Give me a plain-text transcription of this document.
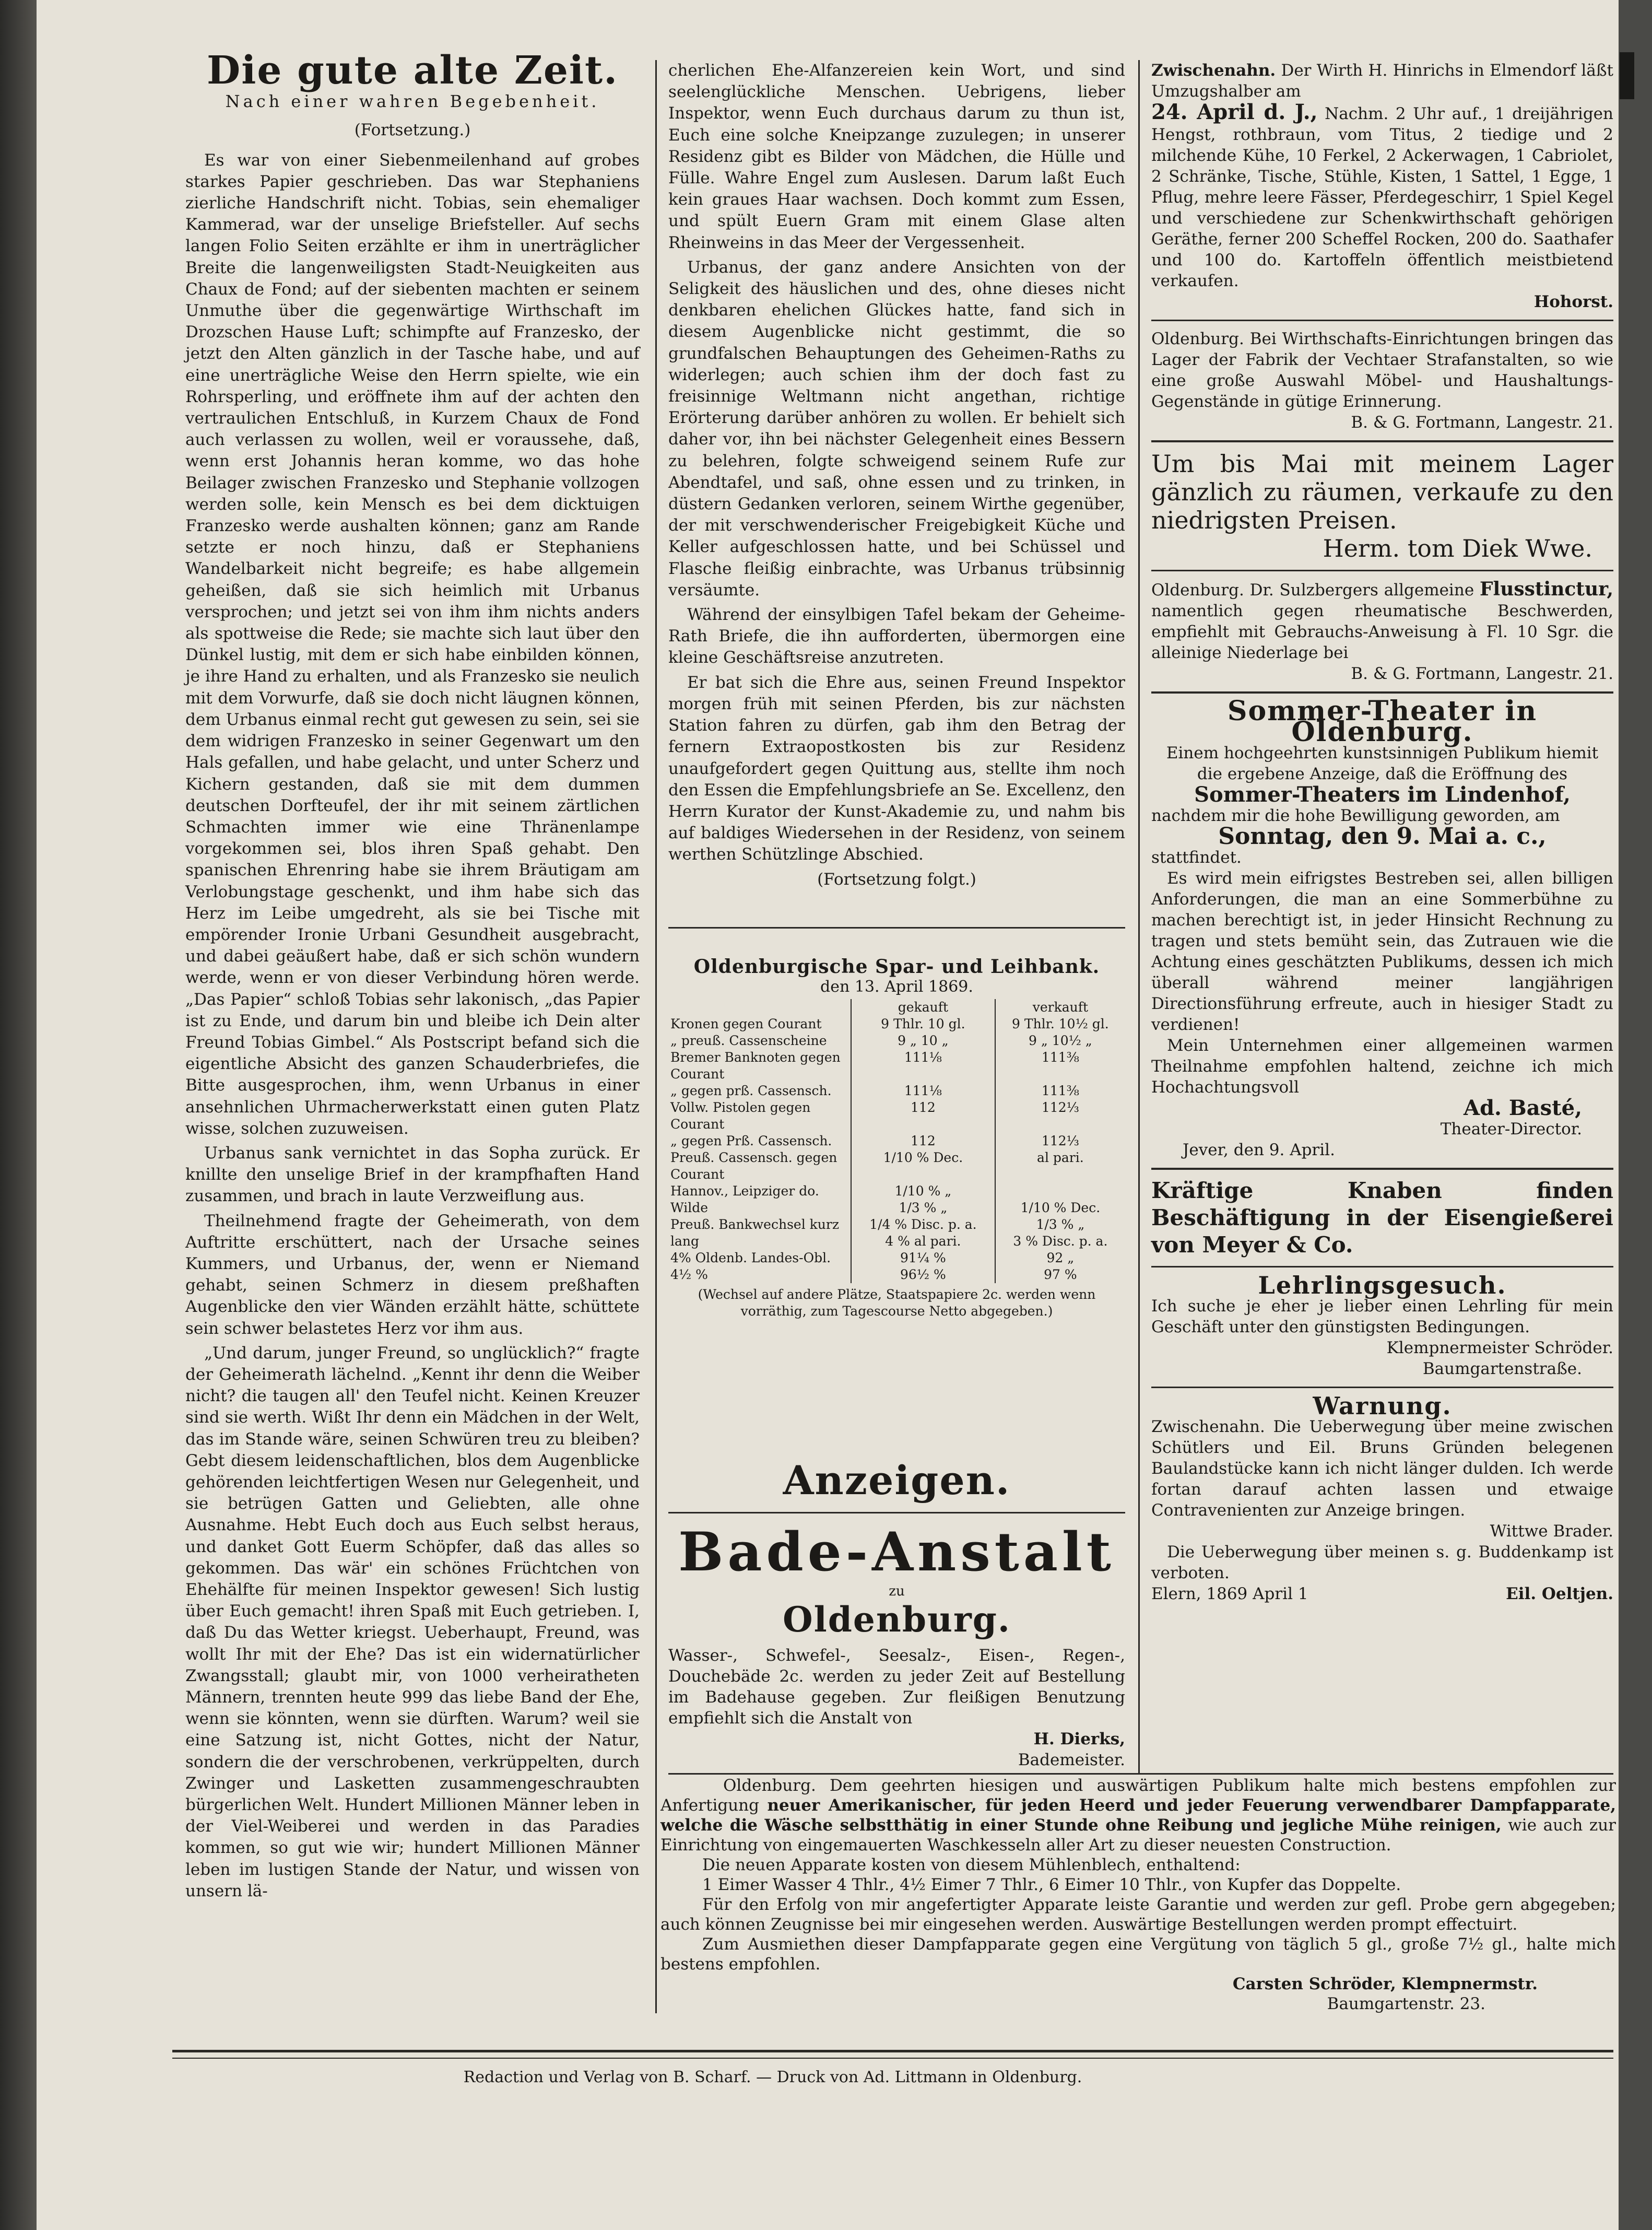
Die gute alte Zeit.
Nach einer wahren Begebenheit.
(Fortsetzung.)

Es war von einer Siebenmeilenhand auf grobes starkes Papier geschrieben. Das war Stephaniens zierliche Handschrift nicht. Tobias, sein ehemaliger Kammerad, war der unselige Briefsteller. Auf sechs langen Folio Seiten erzählte er ihm in unerträglicher Breite die langenweiligsten Stadt-Neuigkeiten aus Chaux de Fond; auf der siebenten machten er seinem Unmuthe über die gegenwärtige Wirthschaft im Drozschen Hause Luft; schimpfte auf Franzesko, der jetzt den Alten gänzlich in der Tasche habe, und auf eine unerträgliche Weise den Herrn spielte, wie ein Rohrsperling, und eröffnete ihm auf der achten den vertraulichen Entschluß, in Kurzem Chaux de Fond auch verlassen zu wollen, weil er voraussehe, daß, wenn erst Johannis heran komme, wo das hohe Beilager zwischen Franzesko und Stephanie vollzogen werden solle, kein Mensch es bei dem dicktuigen Franzesko werde aushalten können; ganz am Rande setzte er noch hinzu, daß er Stephaniens Wandelbarkeit nicht begreife; es habe allgemein geheißen, daß sie sich heimlich mit Urbanus versprochen; und jetzt sei von ihm ihm nichts anders als spottweise die Rede; sie machte sich laut über den Dünkel lustig, mit dem er sich habe einbilden können, je ihre Hand zu erhalten, und als Franzesko sie neulich mit dem Vorwurfe, daß sie doch nicht läugnen können, dem Urbanus einmal recht gut gewesen zu sein, sei sie dem widrigen Franzesko in seiner Gegenwart um den Hals gefallen, und habe gelacht, und unter Scherz und Kichern gestanden, daß sie mit dem dummen deutschen Dorfteufel, der ihr mit seinem zärtlichen Schmachten immer wie eine Thränenlampe vorgekommen sei, blos ihren Spaß gehabt. Den spanischen Ehrenring habe sie ihrem Bräutigam am Verlobungstage geschenkt, und ihm habe sich das Herz im Leibe umgedreht, als sie bei Tische mit empörender Ironie Urbani Gesundheit ausgebracht, und dabei geäußert habe, daß er sich schön wundern werde, wenn er von dieser Verbindung hören werde. „Das Papier“ schloß Tobias sehr lakonisch, „das Papier ist zu Ende, und darum bin und bleibe ich Dein alter Freund Tobias Gimbel.“ Als Postscript befand sich die eigentliche Absicht des ganzen Schauderbriefes, die Bitte ausgesprochen, ihm, wenn Urbanus in einer ansehnlichen Uhrmacherwerkstatt einen guten Platz wisse, solchen zuzuweisen.

Urbanus sank vernichtet in das Sopha zurück. Er knillte den unselige Brief in der krampfhaften Hand zusammen, und brach in laute Verzweiflung aus.

Theilnehmend fragte der Geheimerath, von dem Auftritte erschüttert, nach der Ursache seines Kummers, und Urbanus, der, wenn er Niemand gehabt, seinen Schmerz in diesem preßhaften Augenblicke den vier Wänden erzählt hätte, schüttete sein schwer belastetes Herz vor ihm aus.

„Und darum, junger Freund, so unglücklich?“ fragte der Geheimerath lächelnd. „Kennt ihr denn die Weiber nicht? die taugen all' den Teufel nicht. Keinen Kreuzer sind sie werth. Wißt Ihr denn ein Mädchen in der Welt, das im Stande wäre, seinen Schwüren treu zu bleiben? Gebt diesem leidenschaftlichen, blos dem Augenblicke gehörenden leichtfertigen Wesen nur Gelegenheit, und sie betrügen Gatten und Geliebten, alle ohne Ausnahme. Hebt Euch doch aus Euch selbst heraus, und danket Gott Euerm Schöpfer, daß das alles so gekommen. Das wär' ein schönes Früchtchen von Ehehälfte für meinen Inspektor gewesen! Sich lustig über Euch gemacht! ihren Spaß mit Euch getrieben. I, daß Du das Wetter kriegst. Ueberhaupt, Freund, was wollt Ihr mit der Ehe? Das ist ein widernatürlicher Zwangsstall; glaubt mir, von 1000 verheiratheten Männern, trennten heute 999 das liebe Band der Ehe, wenn sie könnten, wenn sie dürften. Warum? weil sie eine Satzung ist, nicht Gottes, nicht der Natur, sondern die der verschrobenen, verkrüppelten, durch Zwinger und Lasketten zusammengeschraubten bürgerlichen Welt. Hundert Millionen Männer leben in der Viel-Weiberei und werden in das Paradies kommen, so gut wie wir; hundert Millionen Männer leben im lustigen Stande der Natur, und wissen von unsern lä-

cherlichen Ehe-Alfanzereien kein Wort, und sind seelenglückliche Menschen. Uebrigens, lieber Inspektor, wenn Euch durchaus darum zu thun ist, Euch eine solche Kneipzange zuzulegen; in unserer Residenz gibt es Bilder von Mädchen, die Hülle und Fülle. Wahre Engel zum Auslesen. Darum laßt Euch kein graues Haar wachsen. Doch kommt zum Essen, und spült Euern Gram mit einem Glase alten Rheinweins in das Meer der Vergessenheit.

Urbanus, der ganz andere Ansichten von der Seligkeit des häuslichen und des, ohne dieses nicht denkbaren ehelichen Glückes hatte, fand sich in diesem Augenblicke nicht gestimmt, die so grundfalschen Behauptungen des Geheimen-Raths zu widerlegen; auch schien ihm der doch fast zu freisinnige Weltmann nicht angethan, richtige Erörterung darüber anhören zu wollen. Er behielt sich daher vor, ihn bei nächster Gelegenheit eines Bessern zu belehren, folgte schweigend seinem Rufe zur Abendtafel, und saß, ohne essen und zu trinken, in düstern Gedanken verloren, seinem Wirthe gegenüber, der mit verschwenderischer Freigebigkeit Küche und Keller aufgeschlossen hatte, und bei Schüssel und Flasche fleißig einbrachte, was Urbanus trübsinnig versäumte.

Während der einsylbigen Tafel bekam der Geheime-Rath Briefe, die ihn aufforderten, übermorgen eine kleine Geschäftsreise anzutreten.

Er bat sich die Ehre aus, seinen Freund Inspektor morgen früh mit seinen Pferden, bis zur nächsten Station fahren zu dürfen, gab ihm den Betrag der fernern Extraopostkosten bis zur Residenz unaufgefordert gegen Quittung aus, stellte ihm noch den Essen die Empfehlungsbriefe an Se. Excellenz, den Herrn Kurator der Kunst-Akademie zu, und nahm bis auf baldiges Wiedersehen in der Residenz, von seinem werthen Schützlinge Abschied.

(Fortsetzung folgt.)
Oldenburgische Spar- und Leihbank.
den 13. April 1869.
	gekauft	verkauft
Kronen gegen Courant	9 Thlr. 10 gl.	9 Thlr. 10½ gl.
„ preuß. Cassenscheine	9 „ 10 „	9 „ 10½ „
Bremer Banknoten gegen Courant	111⅛	111⅜
„ gegen prß. Cassensch.	111⅛	111⅜
Vollw. Pistolen gegen Courant	112	112⅓
„ gegen Prß. Cassensch.	112	112⅓
Preuß. Cassensch. gegen Courant	1/10 % Dec.	al pari.
Hannov., Leipziger do.	1/10 % „	
Wilde	1/3 % „	1/10 % Dec.
Preuß. Bankwechsel kurz	1/4 % Disc. p. a.	1/3 % „
lang	4 % al pari.	3 % Disc. p. a.
4% Oldenb. Landes-Obl.	91¼ %	92 „
4½ %	96½ %	97 %
(Wechsel auf andere Plätze, Staatspapiere 2c. werden wenn vorräthig, zum Tagescourse Netto abgegeben.)
Anzeigen.
Bade-Anstalt
zu
Oldenburg.

Wasser-, Schwefel-, Seesalz-, Eisen-, Regen-, Douchebäde 2c. werden zu jeder Zeit auf Bestellung im Badehause gegeben. Zur fleißigen Benutzung empfiehlt sich die Anstalt von

H. Dierks,
Bademeister.

Zwischenahn. Der Wirth H. Hinrichs in Elmendorf läßt Umzugshalber am

24. April d. J., Nachm. 2 Uhr auf., 1 dreijährigen Hengst, rothbraun, vom Titus, 2 tiedige und 2 milchende Kühe, 10 Ferkel, 2 Ackerwagen, 1 Cabriolet, 2 Schränke, Tische, Stühle, Kisten, 1 Sattel, 1 Egge, 1 Pflug, mehre leere Fässer, Pferdegeschirr, 1 Spiel Kegel und verschiedene zur Schenkwirthschaft gehörigen Geräthe, ferner 200 Scheffel Rocken, 200 do. Saathafer und 100 do. Kartoffeln öffentlich meistbietend verkaufen.

Hohorst.

Oldenburg. Bei Wirthschafts-Einrichtungen bringen das Lager der Fabrik der Vechtaer Strafanstalten, so wie eine große Auswahl Möbel- und Haushaltungs-Gegenstände in gütige Erinnerung.

B. & G. Fortmann, Langestr. 21.

Um bis Mai mit meinem Lager gänzlich zu räumen, verkaufe zu den niedrigsten Preisen.

Herm. tom Diek Wwe.

Oldenburg. Dr. Sulzbergers allgemeine Flusstinctur, namentlich gegen rheumatische Beschwerden, empfiehlt mit Gebrauchs-Anweisung à Fl. 10 Sgr. die alleinige Niederlage bei

B. & G. Fortmann, Langestr. 21.
Sommer-Theater in Oldenburg.

Einem hochgeehrten kunstsinnigen Publikum hiemit die ergebene Anzeige, daß die Eröffnung des

Sommer-Theaters im Lindenhof,

nachdem mir die hohe Bewilligung geworden, am

Sonntag, den 9. Mai a. c.,

stattfindet.

Es wird mein eifrigstes Bestreben sei, allen billigen Anforderungen, die man an eine Sommerbühne zu machen berechtigt ist, in jeder Hinsicht Rechnung zu tragen und stets bemüht sein, das Zutrauen wie die Achtung eines geschätzten Publikums, dessen ich mich überall während meiner langjährigen Directionsführung erfreute, auch in hiesiger Stadt zu verdienen!

Mein Unternehmen einer allgemeinen warmen Theilnahme empfohlen haltend, zeichne ich mich Hochachtungsvoll

Ad. Basté,
Theater-Director.
Jever, den 9. April.

Kräftige Knaben finden Beschäftigung in der Eisengießerei von Meyer & Co.

Lehrlingsgesuch.

Ich suche je eher je lieber einen Lehrling für mein Geschäft unter den günstigsten Bedingungen.

Klempnermeister Schröder.
Baumgartenstraße.
Warnung.

Zwischenahn. Die Ueberwegung über meine zwischen Schütlers und Eil. Bruns Gründen belegenen Baulandstücke kann ich nicht länger dulden. Ich werde fortan darauf achten lassen und etwaige Contravenienten zur Anzeige bringen.

Wittwe Brader.

Die Ueberwegung über meinen s. g. Buddenkamp ist verboten.

Elern, 1869 April 1	Eil. Oeltjen.

Oldenburg. Dem geehrten hiesigen und auswärtigen Publikum halte mich bestens empfohlen zur Anfertigung neuer Amerikanischer, für jeden Heerd und jeder Feuerung verwendbarer Dampfapparate, welche die Wäsche selbstthätig in einer Stunde ohne Reibung und jegliche Mühe reinigen, wie auch zur Einrichtung von eingemauerten Waschkesseln aller Art zu dieser neuesten Construction.

Die neuen Apparate kosten von diesem Mühlenblech, enthaltend:

1 Eimer Wasser 4 Thlr., 4½ Eimer 7 Thlr., 6 Eimer 10 Thlr., von Kupfer das Doppelte.

Für den Erfolg von mir angefertigter Apparate leiste Garantie und werden zur gefl. Probe gern abgegeben; auch können Zeugnisse bei mir eingesehen werden. Auswärtige Bestellungen werden prompt effectuirt.

Zum Ausmiethen dieser Dampfapparate gegen eine Vergütung von täglich 5 gl., große 7½ gl., halte mich bestens empfohlen.

Carsten Schröder, Klempnermstr.
Baumgartenstr. 23.
Redaction und Verlag von B. Scharf. — Druck von Ad. Littmann in Oldenburg.
